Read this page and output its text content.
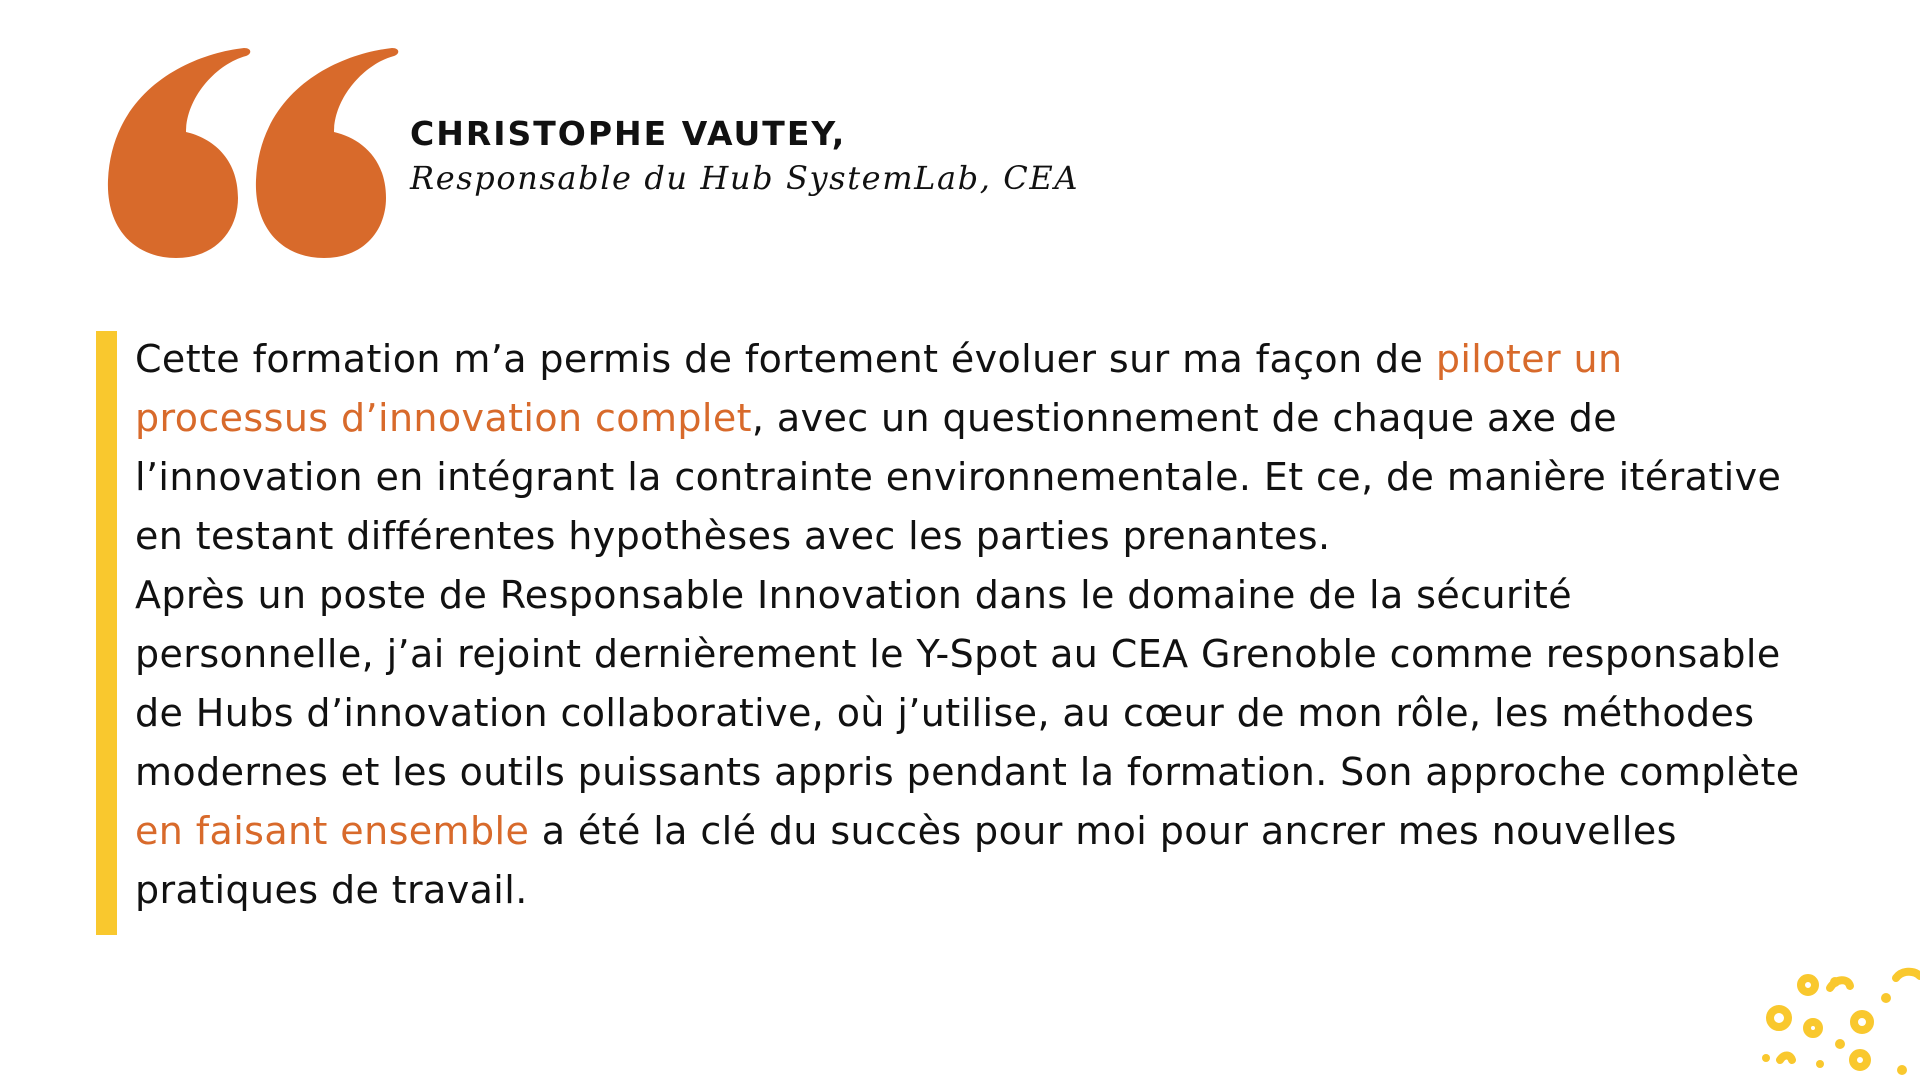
CHRISTOPHE VAUTEY,
Responsable du Hub SystemLab, CEA
Cette formation m’a permis de fortement évoluer sur ma façon de piloter un
processus d’innovation complet, avec un questionnement de chaque axe de
l’innovation en intégrant la contrainte environnementale. Et ce, de manière itérative
en testant différentes hypothèses avec les parties prenantes.
Après un poste de Responsable Innovation dans le domaine de la sécurité
personnelle, j’ai rejoint dernièrement le Y-Spot au CEA Grenoble comme responsable
de Hubs d’innovation collaborative, où j’utilise, au cœur de mon rôle, les méthodes
modernes et les outils puissants appris pendant la formation. Son approche complète
en faisant ensemble a été la clé du succès pour moi pour ancrer mes nouvelles
pratiques de travail.
